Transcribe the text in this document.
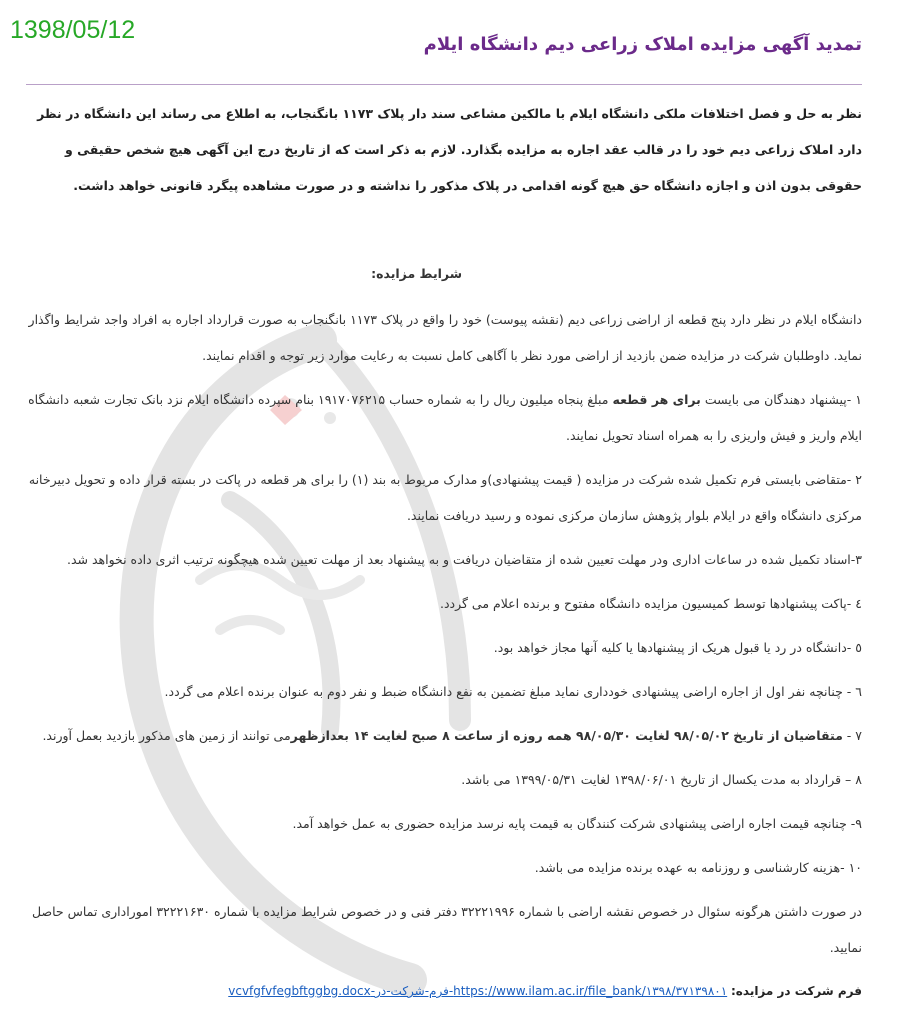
1398/05/12
تمدید آگهی مزایده املاک زراعی دیم دانشگاه ایلام

نظر به حل و فصل اختلافات ملکی دانشگاه ایلام با مالکین مشاعی سند دار پلاک ۱۱۷۳ بانگنجاب، به اطلاع می رساند این دانشگاه در نظر دارد املاک زراعی دیم خود را در قالب عقد اجاره به مزایده بگذارد. لازم به ذکر است که از تاریخ درج این آگهی هیچ شخص حقیقی و حقوقی بدون اذن و اجازه دانشگاه حق هیچ گونه اقدامی در پلاک مذکور را نداشته و در صورت مشاهده پیگرد قانونی خواهد داشت.

شرایط مزایده:

دانشگاه ایلام در نظر دارد پنج قطعه از اراضی زراعی دیم (نقشه پیوست) خود را واقع در پلاک ۱۱۷۳ بانگنجاب به صورت قرارداد اجاره به افراد واجد شرایط واگذار نماید. داوطلبان شرکت در مزایده ضمن بازدید از اراضی مورد نظر با آگاهی کامل نسبت به رعایت موارد زیر توجه و اقدام نمایند.

۱ -پیشنهاد دهندگان می بایست برای هر قطعه مبلغ پنجاه میلیون ریال را به شماره حساب ۱۹۱۷۰۷۶۲۱۵ بنام سپرده دانشگاه ایلام نزد بانک تجارت شعبه دانشگاه ایلام واریز و فیش واریزی را به همراه اسناد تحویل نمایند.

۲ -متقاضی بایستی فرم تکمیل شده شرکت در مزایده ( قیمت پیشنهادی)و مدارک مربوط به بند (۱) را برای هر قطعه در پاکت در بسته قرار داده و تحویل دبیرخانه مرکزی دانشگاه واقع در ایلام بلوار پژوهش سازمان مرکزی نموده و رسید دریافت نمایند.

۳-اسناد تکمیل شده در ساعات اداری ودر مهلت تعیین شده از متقاضیان دریافت و به پیشنهاد بعد از مهلت تعیین شده هیچگونه ترتیب اثری داده نخواهد شد.

٤ -پاکت پیشنهادها توسط کمیسیون مزایده دانشگاه مفتوح و برنده اعلام می گردد.

٥ -دانشگاه در رد یا قبول هریک از پیشنهادها یا کلیه آنها مجاز خواهد بود.

٦ - چنانچه نفر اول از اجاره اراضی پیشنهادی خودداری نماید مبلغ تضمین به نفع دانشگاه ضبط و نفر دوم به عنوان برنده اعلام می گردد.

۷ - متقاضیان از تاریخ ۹۸/۰۵/۰۲ لغایت ۹۸/۰۵/۳۰ همه روزه از ساعت ۸ صبح لغایت ۱۴ بعدازظهرمی توانند از زمین های مذکور بازدید بعمل آورند.

۸ – قرارداد به مدت یکسال از تاریخ ۱۳۹۸/۰۶/۰۱ لغایت ۱۳۹۹/۰۵/۳۱ می باشد.

۹- چنانچه قیمت اجاره اراضی پیشنهادی شرکت کنندگان به قیمت پایه نرسد مزایده حضوری به عمل خواهد آمد.

۱۰ -هزینه کارشناسی و روزنامه به عهده برنده مزایده می باشد.

در صورت داشتن هرگونه سئوال در خصوص نقشه اراضی با شماره ۳۲۲۲۱۹۹۶ دفتر فنی و در خصوص شرایط مزایده با شماره ۳۲۲۲۱۶۳۰ اموراداری تماس حاصل نمایید.

فرم شرکت در مزایده: https://www.ilam.ac.ir/file_bank/۱۳۹۸/۳۷۱۳۹۸۰۱-فرم-شرکت-در-vcvfgfvfegbftggbg.docx
